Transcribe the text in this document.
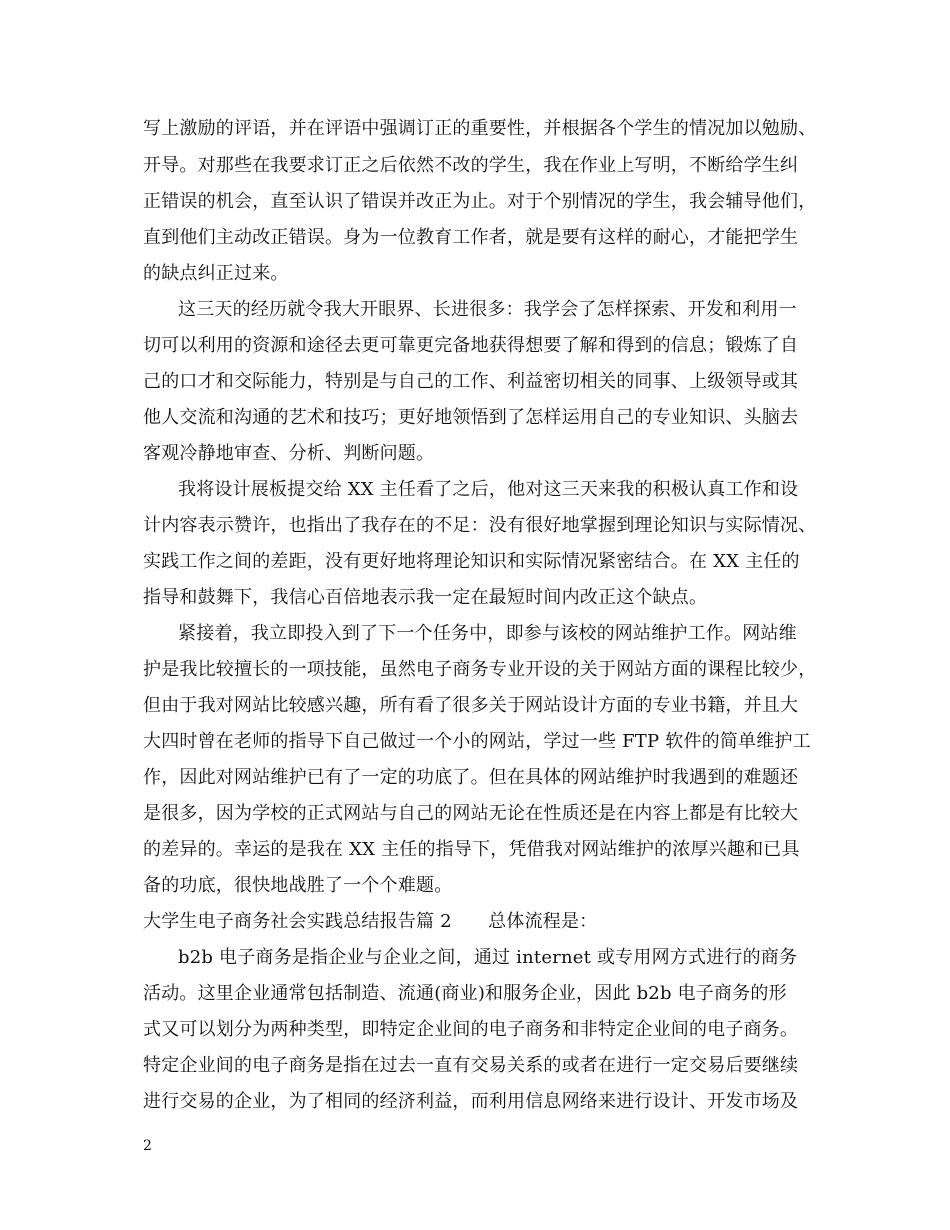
写上激励的评语，并在评语中强调订正的重要性，并根据各个学生的情况加以勉励、
开导。对那些在我要求订正之后依然不改的学生，我在作业上写明，不断给学生纠
正错误的机会，直至认识了错误并改正为止。对于个别情况的学生，我会辅导他们，
直到他们主动改正错误。身为一位教育工作者，就是要有这样的耐心，才能把学生
的缺点纠正过来。
这三天的经历就令我大开眼界、长进很多：我学会了怎样探索、开发和利用一
切可以利用的资源和途径去更可靠更完备地获得想要了解和得到的信息；锻炼了自
己的口才和交际能力，特别是与自己的工作、利益密切相关的同事、上级领导或其
他人交流和沟通的艺术和技巧；更好地领悟到了怎样运用自己的专业知识、头脑去
客观冷静地审查、分析、判断问题。
我将设计展板提交给 XX 主任看了之后，他对这三天来我的积极认真工作和设
计内容表示赞许，也指出了我存在的不足：没有很好地掌握到理论知识与实际情况、
实践工作之间的差距，没有更好地将理论知识和实际情况紧密结合。在 XX 主任的
指导和鼓舞下，我信心百倍地表示我一定在最短时间内改正这个缺点。
紧接着，我立即投入到了下一个任务中，即参与该校的网站维护工作。网站维
护是我比较擅长的一项技能，虽然电子商务专业开设的关于网站方面的课程比较少，
但由于我对网站比较感兴趣，所有看了很多关于网站设计方面的专业书籍，并且大
大四时曾在老师的指导下自己做过一个小的网站，学过一些 FTP 软件的简单维护工
作，因此对网站维护已有了一定的功底了。但在具体的网站维护时我遇到的难题还
是很多，因为学校的正式网站与自己的网站无论在性质还是在内容上都是有比较大
的差异的。幸运的是我在 XX 主任的指导下，凭借我对网站维护的浓厚兴趣和已具
备的功底，很快地战胜了一个个难题。
大学生电子商务社会实践总结报告篇 2　　总体流程是：
b2b 电子商务是指企业与企业之间，通过 internet 或专用网方式进行的商务
活动。这里企业通常包括制造、流通(商业)和服务企业，因此 b2b 电子商务的形
式又可以划分为两种类型，即特定企业间的电子商务和非特定企业间的电子商务。
特定企业间的电子商务是指在过去一直有交易关系的或者在进行一定交易后要继续
进行交易的企业，为了相同的经济利益，而利用信息网络来进行设计、开发市场及
2
